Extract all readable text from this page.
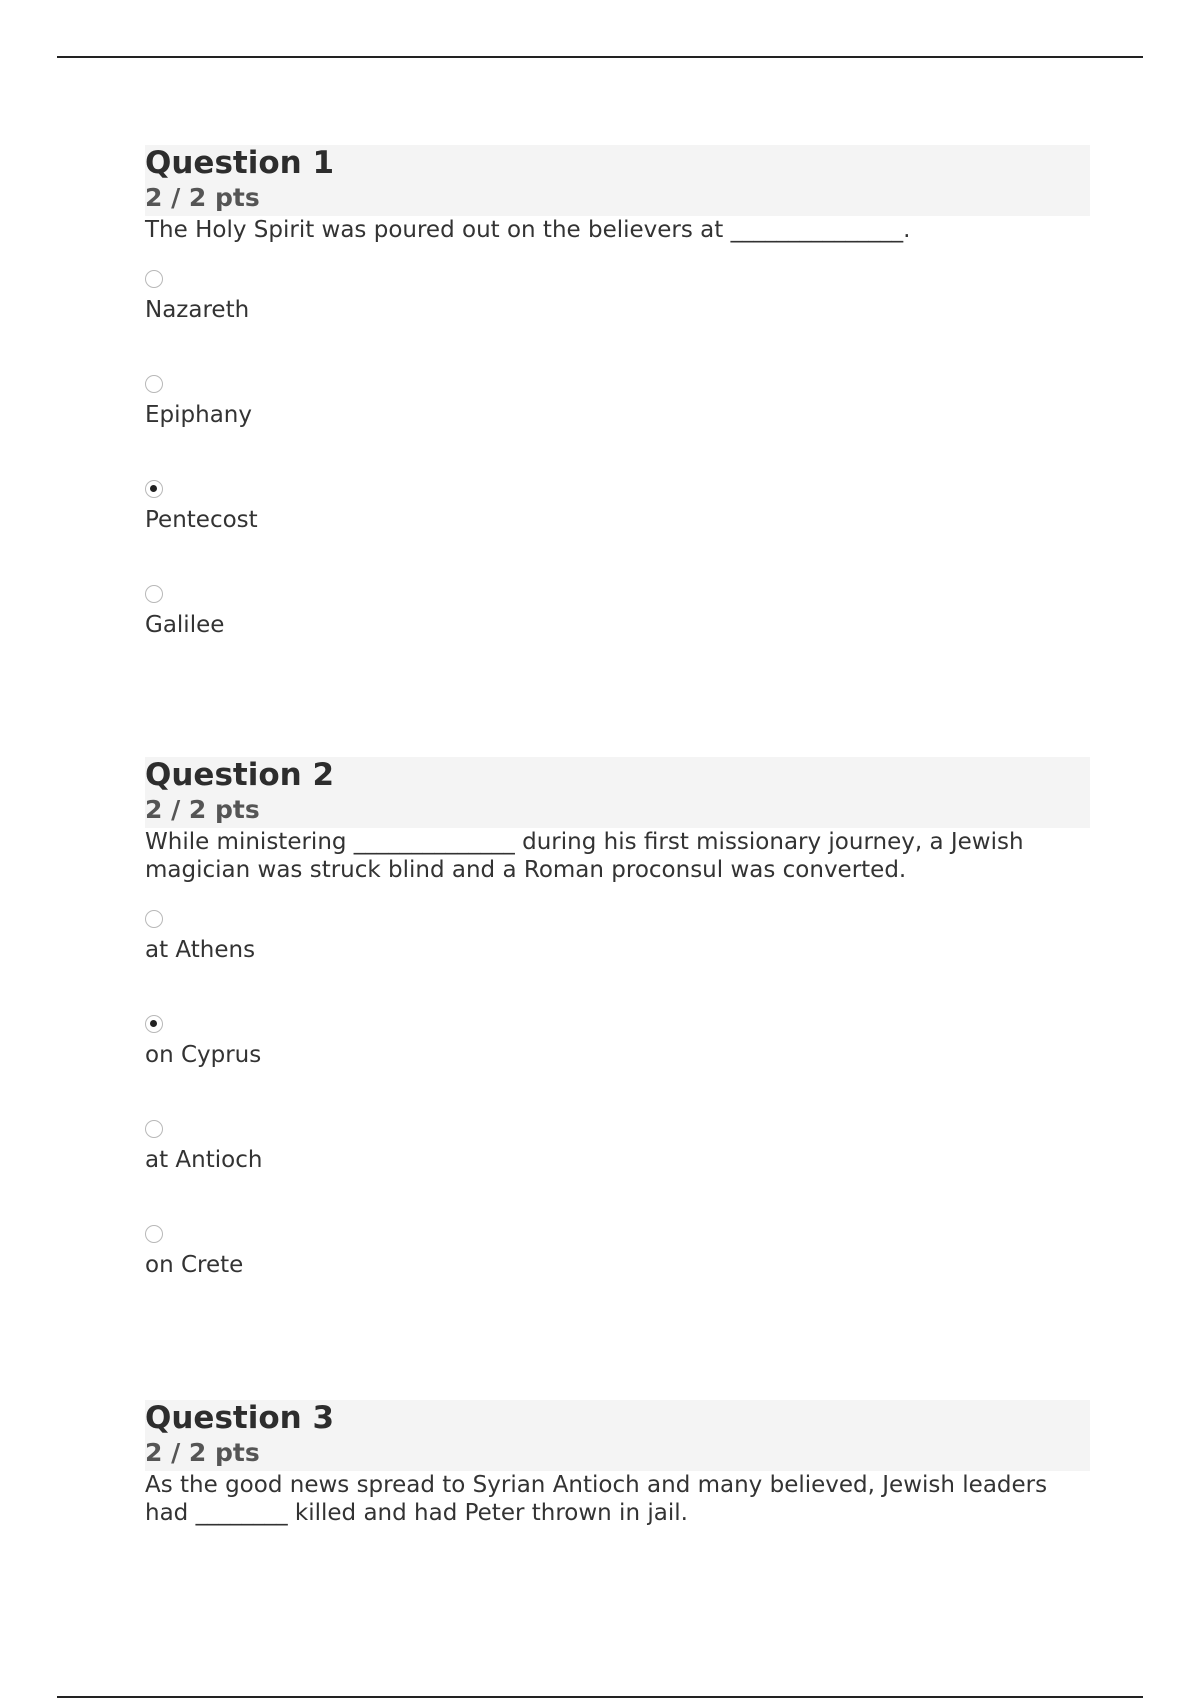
Question 1
2 / 2 pts
The Holy Spirit was poured out on the believers at _______________.
Nazareth
Epiphany
Pentecost
Galilee
Question 2
2 / 2 pts
While ministering ______________ during his first missionary journey, a Jewish magician was struck blind and a Roman proconsul was converted.
at Athens
on Cyprus
at Antioch
on Crete
Question 3
2 / 2 pts
As the good news spread to Syrian Antioch and many believed, Jewish leaders had ________ killed and had Peter thrown in jail.
